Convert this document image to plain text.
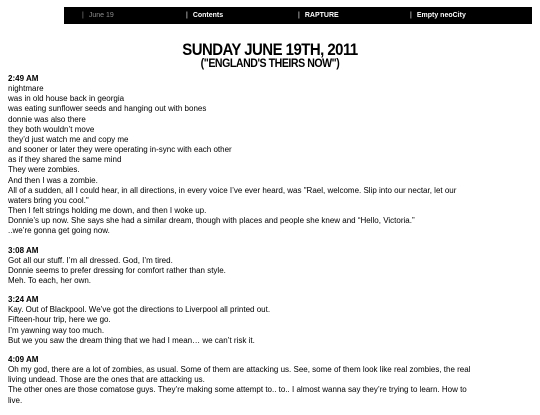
| June 19	| Contents	| RAPTURE	| Empty neoCity
SUNDAY JUNE 19TH, 2011
("ENGLAND'S THEIRS NOW")
2:49 AM
nightmare
was in old house back in georgia
was eating sunflower seeds and hanging out with bones
donnie was also there
they both wouldn’t move
they’d just watch me and copy me
and sooner or later they were operating in-sync with each other
as if they shared the same mind
They were zombies.
And then I was a zombie.
All of a sudden, all I could hear, in all directions, in every voice I’ve ever heard, was "Rael, welcome. Slip into our nectar, let our
waters bring you cool."
Then I felt strings holding me down, and then I woke up.
Donnie’s up now. She says she had a similar dream, though with places and people she knew and “Hello, Victoria.”
..we’re gonna get going now.
3:08 AM
Got all our stuff. I’m all dressed. God, I’m tired.
Donnie seems to prefer dressing for comfort rather than style.
Meh. To each, her own.
3:24 AM
Kay. Out of Blackpool. We’ve got the directions to Liverpool all printed out.
Fifteen-hour trip, here we go.
I’m yawning way too much.
But we you saw the dream thing that we had I mean… we can’t risk it.
4:09 AM
Oh my god, there are a lot of zombies, as usual. Some of them are attacking us. See, some of them look like real zombies, the real
living undead. Those are the ones that are attacking us.
The other ones are those comatose guys. They’re making some attempt to.. to.. I almost wanna say they’re trying to learn. How to
live.
